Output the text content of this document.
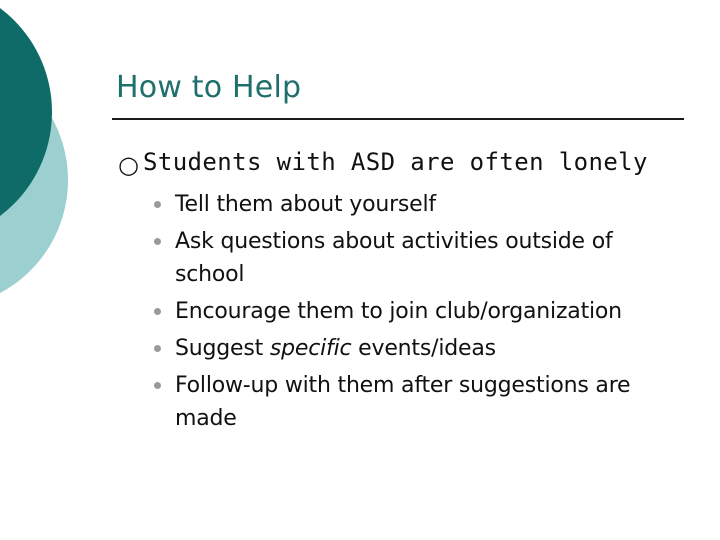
How to Help
○ Students with ASD are often lonely
Tell them about yourself
Ask questions about activities outside of school
Encourage them to join club/organization
Suggest specific events/ideas
Follow-up with them after suggestions are made
